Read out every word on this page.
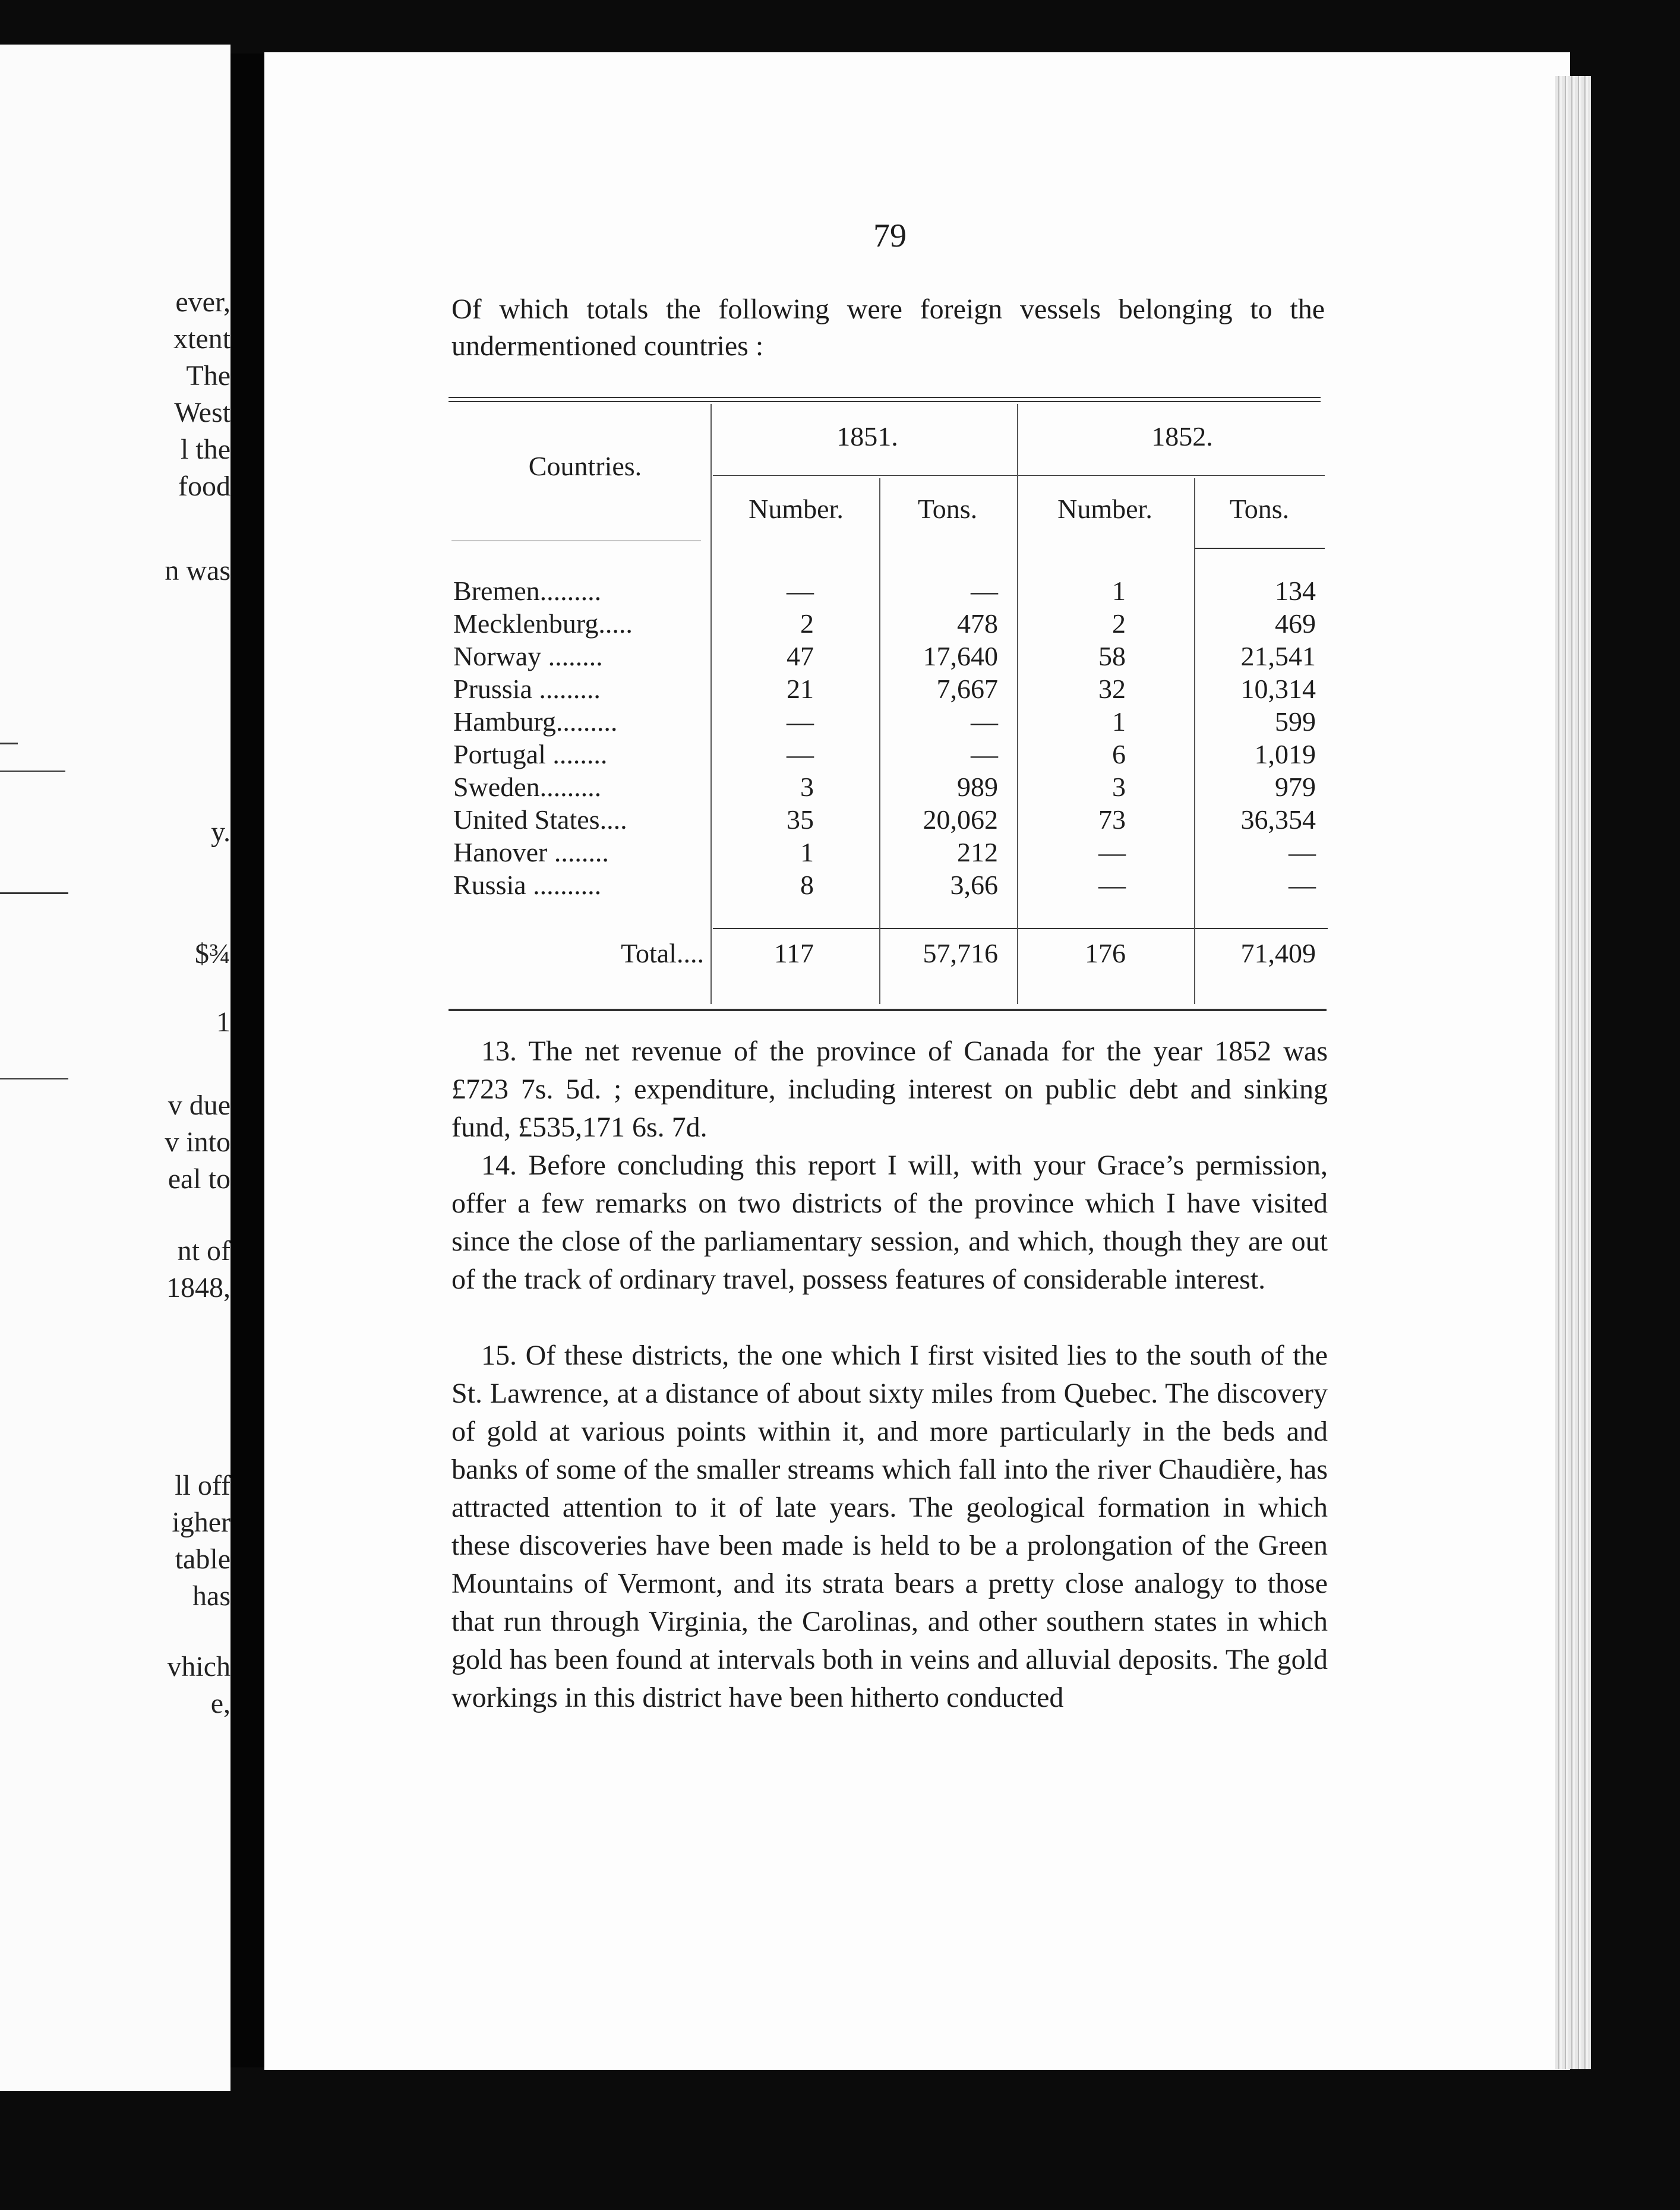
ever,
xtent
The
West
l the
food
n was
y.
$¾
1
v due
v into
eal to
nt of
1848,
ll off
igher
table
has
vhich
e,
79
Of which totals the following were foreign vessels belonging to the undermentioned countries :
Countries.
1851.	1852.
Number.	Tons.	Number.	Tons.
Bremen.........	—	—	1	134
Mecklenburg.....	2	478	2	469
Norway ........	47	17,640	58	21,541
Prussia .........	21	7,667	32	10,314
Hamburg.........	—	—	1	599
Portugal ........	—	—	6	1,019
Sweden.........	3	989	3	979
United States....	35	20,062	73	36,354
Hanover ........	1	212	—	—
Russia ..........	8	3,66	—	—
Total....	117	57,716	176	71,409
13. The net revenue of the province of Canada for the year 1852 was £723 7s. 5d. ; expenditure, including interest on public debt and sinking fund, £535,171 6s. 7d.
14. Before concluding this report I will, with your Grace’s permission, offer a few remarks on two districts of the province which I have visited since the close of the parliamentary session, and which, though they are out of the track of ordinary travel, possess features of considerable interest.
15. Of these districts, the one which I first visited lies to the south of the St. Lawrence, at a distance of about sixty miles from Quebec. The discovery of gold at various points within it, and more particularly in the beds and banks of some of the smaller streams which fall into the river Chaudière, has attracted attention to it of late years. The geological formation in which these discoveries have been made is held to be a prolongation of the Green Mountains of Vermont, and its strata bears a pretty close analogy to those that run through Virginia, the Carolinas, and other southern states in which gold has been found at intervals both in veins and alluvial deposits. The gold workings in this district have been hitherto conducted
